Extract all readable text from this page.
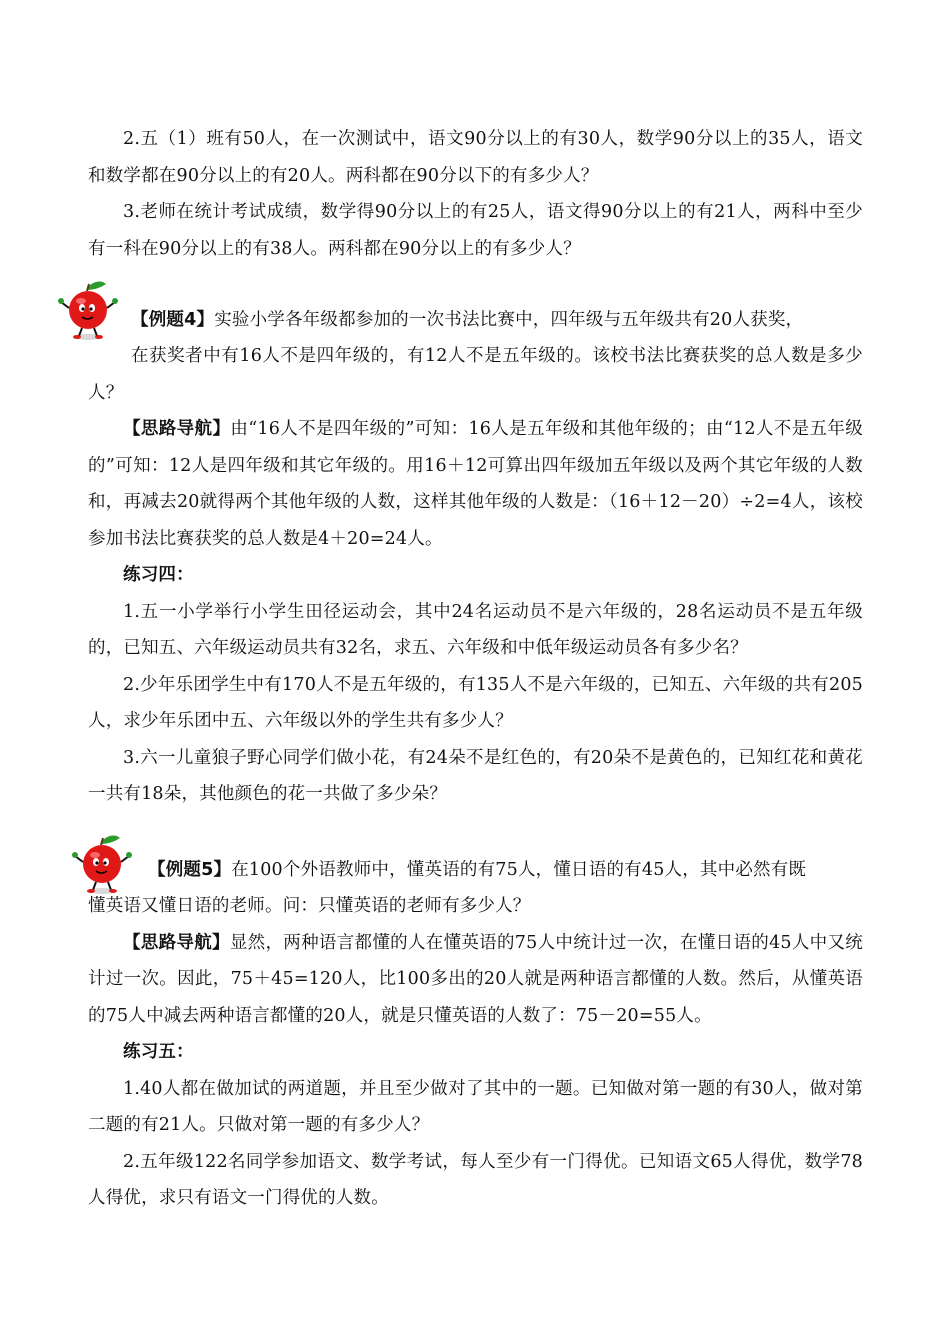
2.五（1）班有50人，在一次测试中，语文90分以上的有30人，数学90分以上的35人，语文和数学都在90分以上的有20人。两科都在90分以下的有多少人？

3.老师在统计考试成绩，数学得90分以上的有25人，语文得90分以上的有21人，两科中至少有一科在90分以上的有38人。两科都在90分以上的有多少人？

【例题4】实验小学各年级都参加的一次书法比赛中，四年级与五年级共有20人获奖，

在获奖者中有16人不是四年级的，有12人不是五年级的。该校书法比赛获奖的总人数是多少人？

【思路导航】由“16人不是四年级的”可知：16人是五年级和其他年级的；由“12人不是五年级的”可知：12人是四年级和其它年级的。用16＋12可算出四年级加五年级以及两个其它年级的人数和，再减去20就得两个其他年级的人数，这样其他年级的人数是：（16＋12－20）÷2=4人，该校参加书法比赛获奖的总人数是4＋20=24人。

练习四：

1.五一小学举行小学生田径运动会，其中24名运动员不是六年级的，28名运动员不是五年级的，已知五、六年级运动员共有32名，求五、六年级和中低年级运动员各有多少名？

2.少年乐团学生中有170人不是五年级的，有135人不是六年级的，已知五、六年级的共有205人，求少年乐团中五、六年级以外的学生共有多少人？

3.六一儿童狼子野心同学们做小花，有24朵不是红色的，有20朵不是黄色的，已知红花和黄花一共有18朵，其他颜色的花一共做了多少朵？

【例题5】在100个外语教师中，懂英语的有75人，懂日语的有45人，其中必然有既

懂英语又懂日语的老师。问：只懂英语的老师有多少人？

【思路导航】显然，两种语言都懂的人在懂英语的75人中统计过一次，在懂日语的45人中又统计过一次。因此，75＋45=120人，比100多出的20人就是两种语言都懂的人数。然后，从懂英语的75人中减去两种语言都懂的20人，就是只懂英语的人数了：75－20=55人。

练习五：

1.40人都在做加试的两道题，并且至少做对了其中的一题。已知做对第一题的有30人，做对第二题的有21人。只做对第一题的有多少人？

2.五年级122名同学参加语文、数学考试，每人至少有一门得优。已知语文65人得优，数学78人得优，求只有语文一门得优的人数。
